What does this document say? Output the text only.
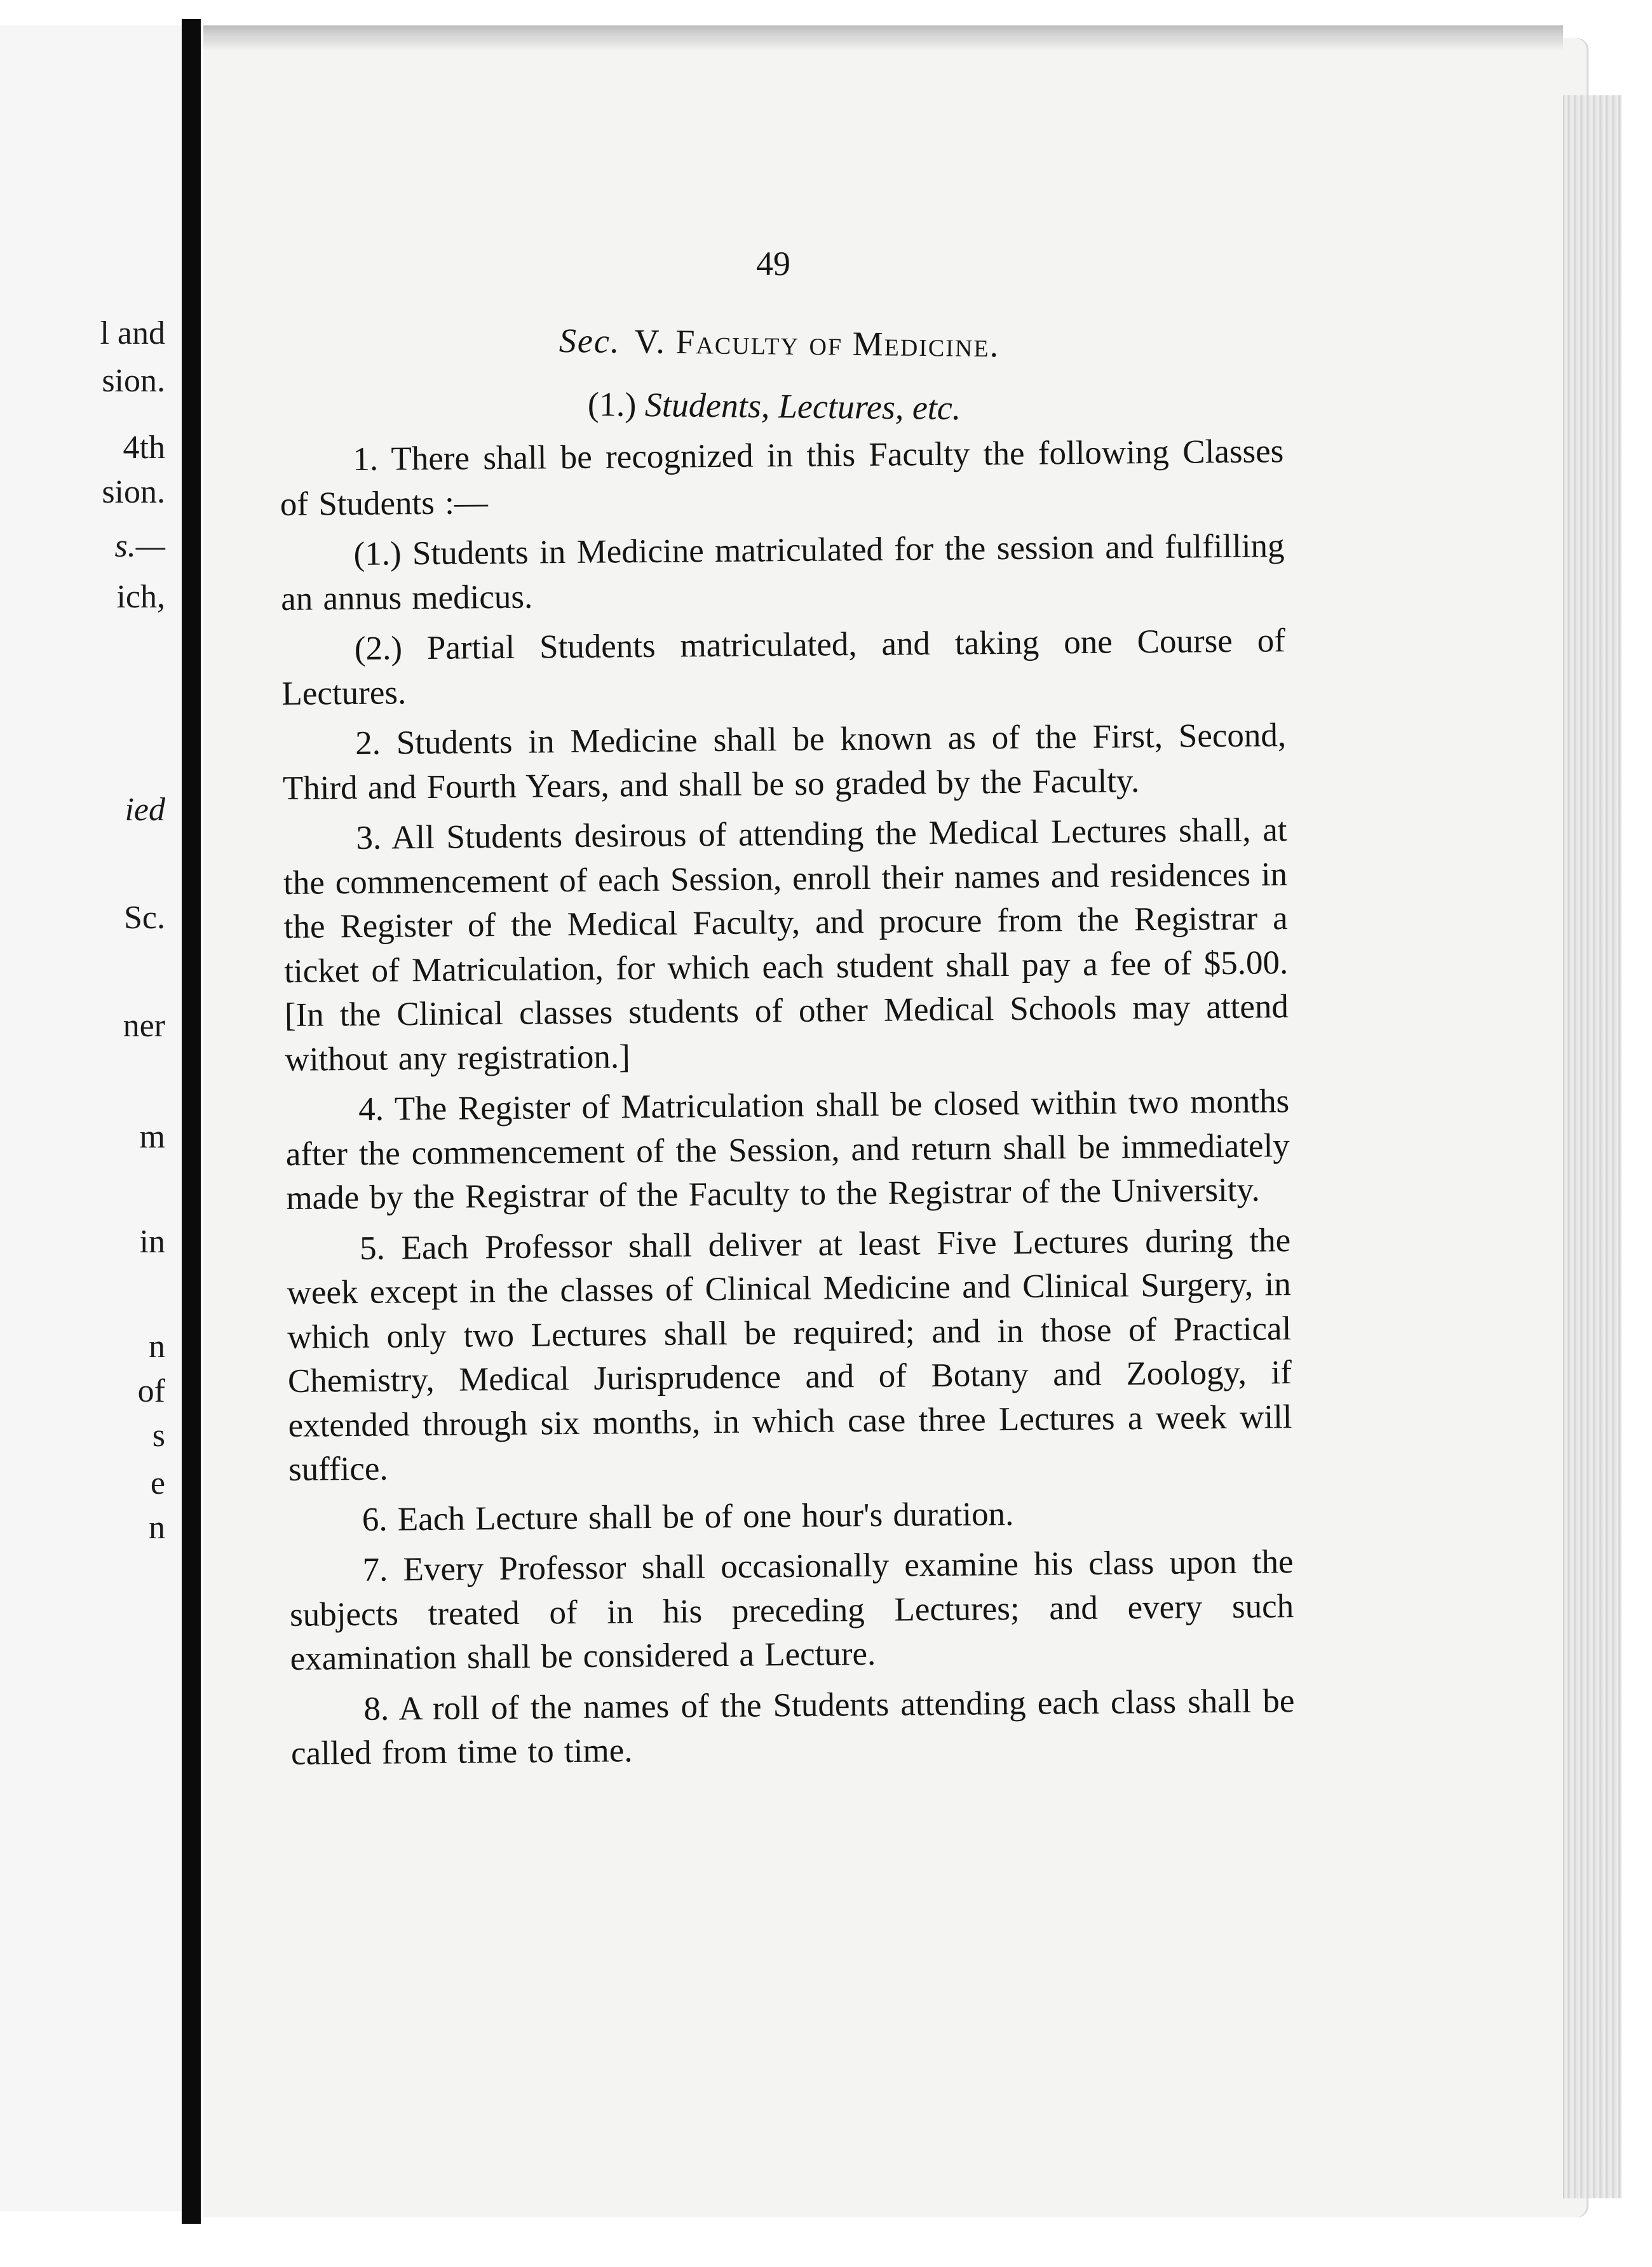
l and
sion.
4th
sion.
s.—
ich,
ied
Sc.
ner
m
in
n
of
s
e
n
49
Sec. V. Faculty of Medicine.
(1.) Students, Lectures, etc.

1. There shall be recognized in this Faculty the following Classes of Students :—

(1.) Students in Medicine matriculated for the session and fulfilling an annus medicus.

(2.) Partial Students matriculated, and taking one Course of Lectures.

2. Students in Medicine shall be known as of the First, Second, Third and Fourth Years, and shall be so graded by the Faculty.

3. All Students desirous of attending the Medical Lectures shall, at the commencement of each Session, enroll their names and residences in the Register of the Medical Faculty, and procure from the Registrar a ticket of Matriculation, for which each student shall pay a fee of $5.00. [In the Clinical classes students of other Medical Schools may attend without any registration.]

4. The Register of Matriculation shall be closed within two months after the commencement of the Session, and return shall be immediately made by the Registrar of the Faculty to the Registrar of the University.

5. Each Professor shall deliver at least Five Lectures during the week except in the classes of Clinical Medicine and Clinical Surgery, in which only two Lectures shall be required; and in those of Practical Chemistry, Medical Jurisprudence and of Botany and Zoology, if extended through six months, in which case three Lectures a week will suffice.

6. Each Lecture shall be of one hour's duration.

7. Every Professor shall occasionally examine his class upon the subjects treated of in his preceding Lectures; and every such examination shall be considered a Lecture.

8. A roll of the names of the Students attending each class shall be called from time to time.
